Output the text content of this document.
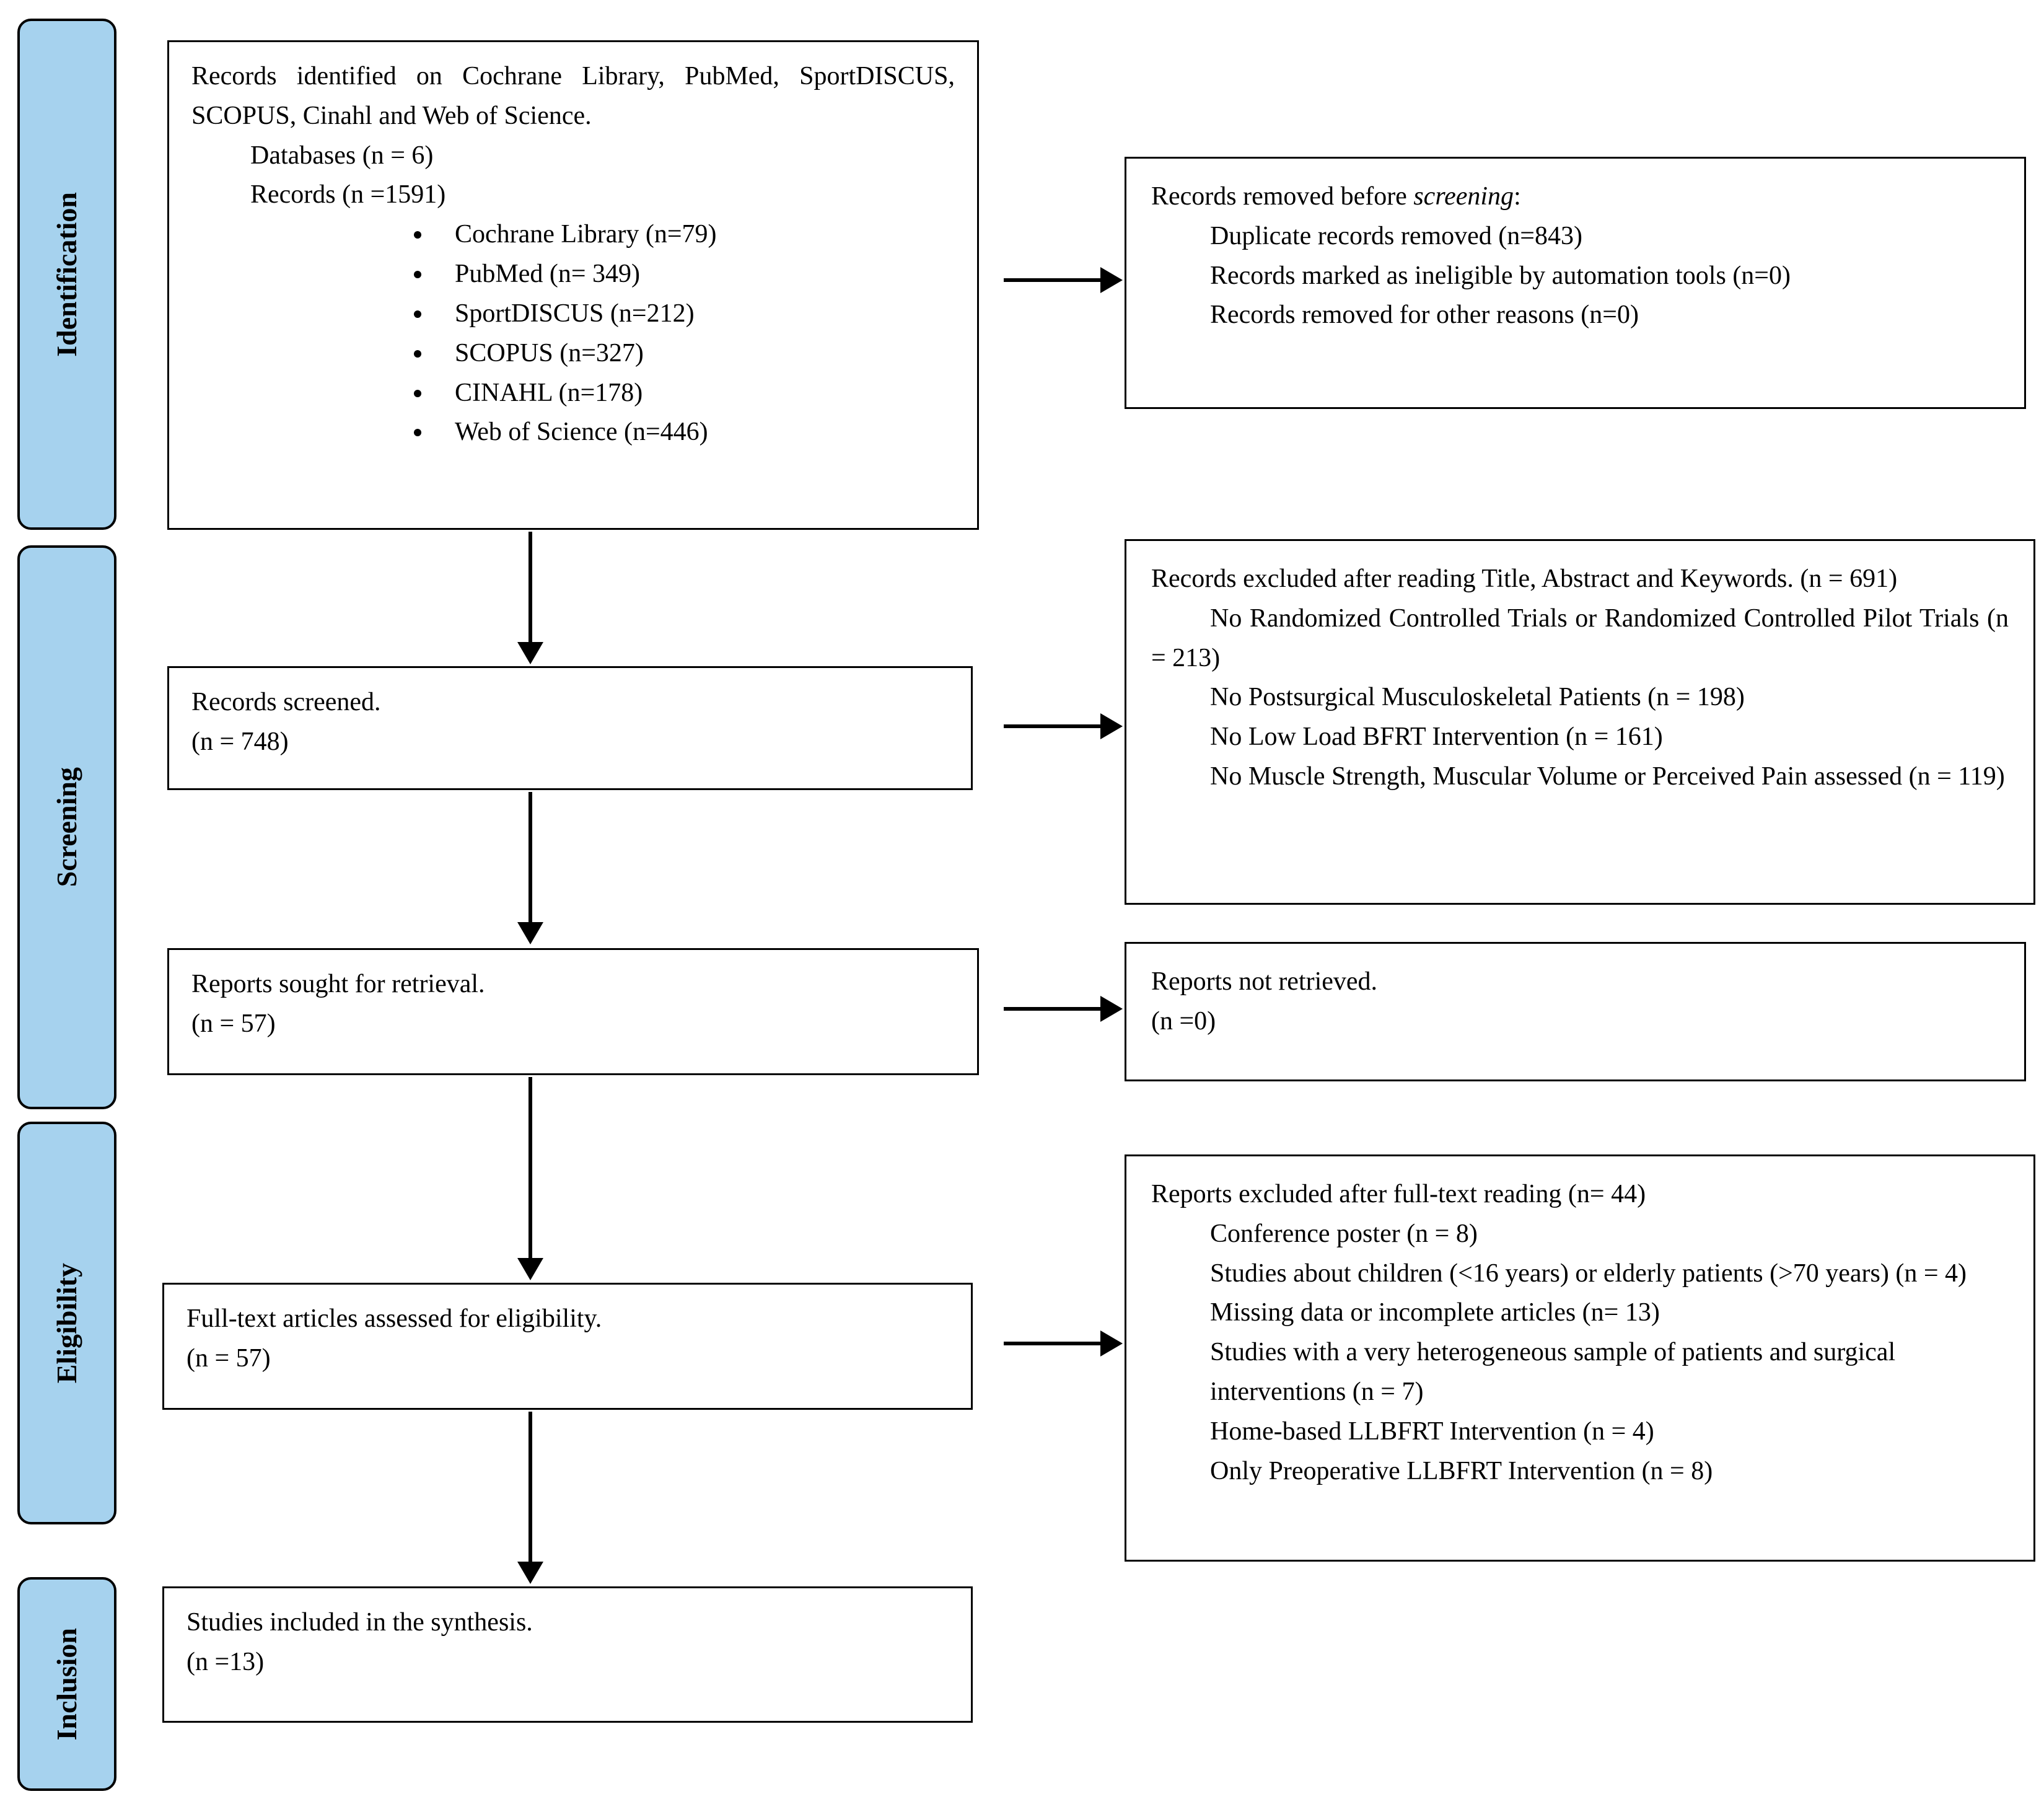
Identification
Screening
Eligibility
Inclusion

Records identified on Cochrane Library, PubMed, SportDISCUS, SCOPUS, Cinahl and Web of Science.

Databases (n = 6)
Records (n =1591)
• Cochrane Library (n=79)
• PubMed (n= 349)
• SportDISCUS (n=212)
• SCOPUS (n=327)
• CINAHL (n=178)
• Web of Science (n=446)
Records screened.
(n = 748)
Reports sought for retrieval.
(n = 57)
Full-text articles assessed for eligibility.
(n = 57)
Studies included in the synthesis.
(n =13)
Records removed before screening:
Duplicate records removed (n=843)
Records marked as ineligible by automation tools (n=0)
Records removed for other reasons (n=0)

Records excluded after reading Title, Abstract and Keywords. (n = 691)

No Randomized Controlled Trials or Randomized Controlled Pilot Trials (n = 213)

No Postsurgical Musculoskeletal Patients (n = 198)

No Low Load BFRT Intervention (n = 161)

No Muscle Strength, Muscular Volume or Perceived Pain assessed (n = 119)

Reports not retrieved.
(n =0)

Reports excluded after full-text reading (n= 44)

Conference poster (n = 8)
Studies about children (<16 years) or elderly patients (>70 years) (n = 4)
Missing data or incomplete articles (n= 13)
Studies with a very heterogeneous sample of patients and surgical interventions (n = 7)
Home-based LLBFRT Intervention (n = 4)
Only Preoperative LLBFRT Intervention (n = 8)
